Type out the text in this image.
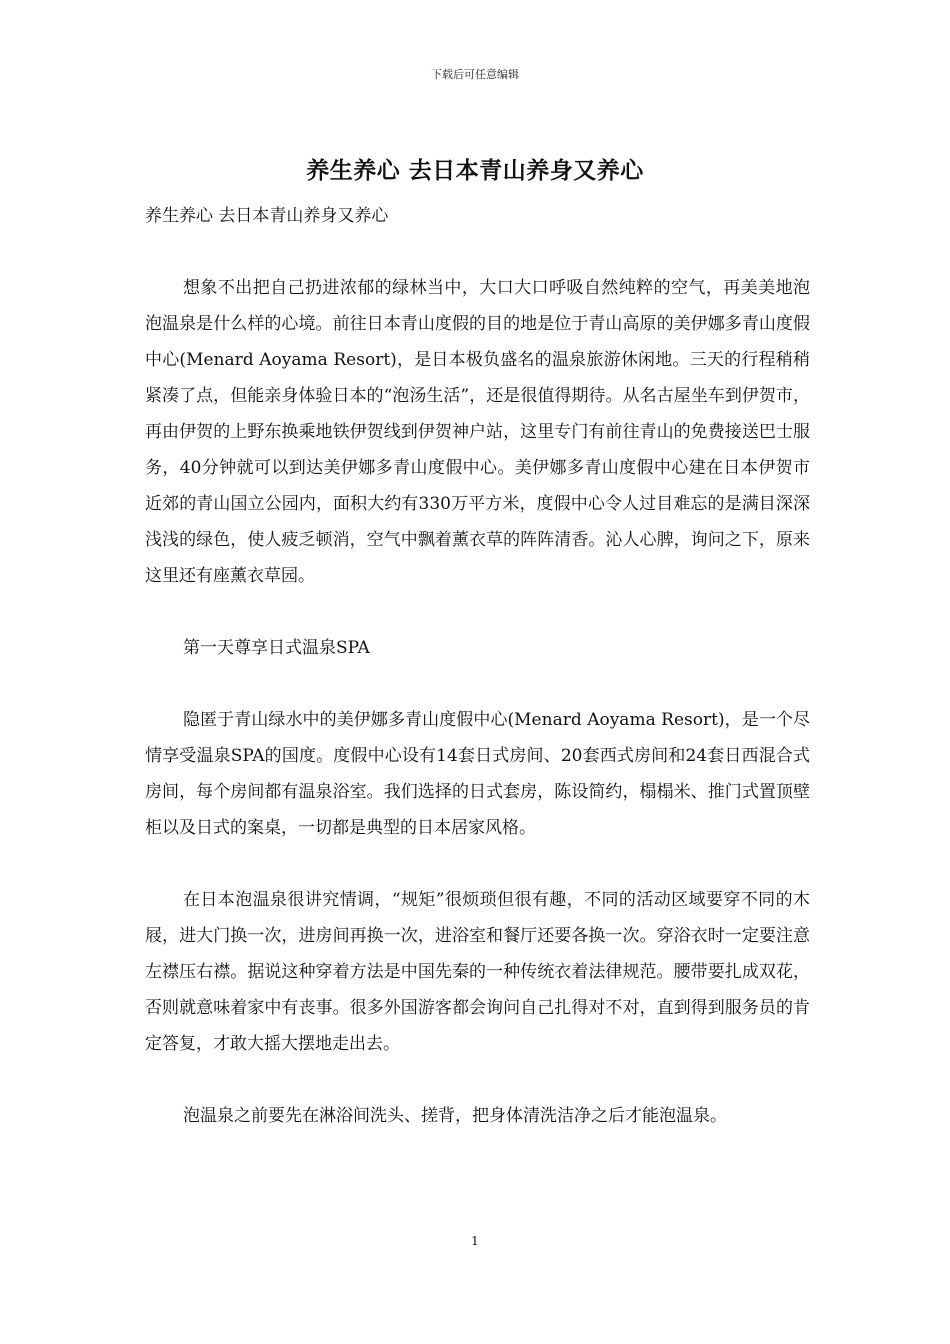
下载后可任意编辑
养生养心 去日本青山养身又养心

养生养心 去日本青山养身又养心

想象不出把自己扔进浓郁的绿林当中，大口大口呼吸自然纯粹的空气，再美美地泡泡温泉是什么样的心境。前往日本青山度假的目的地是位于青山高原的美伊娜多青山度假中心(Menard Aoyama Resort)，是日本极负盛名的温泉旅游休闲地。三天的行程稍稍紧凑了点，但能亲身体验日本的“泡汤生活”，还是很值得期待。从名古屋坐车到伊贺市，再由伊贺的上野东换乘地铁伊贺线到伊贺神户站，这里专门有前往青山的免费接送巴士服务，40分钟就可以到达美伊娜多青山度假中心。美伊娜多青山度假中心建在日本伊贺市近郊的青山国立公园内，面积大约有330万平方米，度假中心令人过目难忘的是满目深深浅浅的绿色，使人疲乏顿消，空气中飘着薰衣草的阵阵清香。沁人心脾，询问之下，原来这里还有座薰衣草园。

第一天尊享日式温泉SPA

隐匿于青山绿水中的美伊娜多青山度假中心(Menard Aoyama Resort)，是一个尽情享受温泉SPA的国度。度假中心设有14套日式房间、20套西式房间和24套日西混合式房间，每个房间都有温泉浴室。我们选择的日式套房，陈设简约，榻榻米、推门式置顶壁柜以及日式的案桌，一切都是典型的日本居家风格。

在日本泡温泉很讲究情调，“规矩”很烦琐但很有趣，不同的活动区域要穿不同的木屐，进大门换一次，进房间再换一次，进浴室和餐厅还要各换一次。穿浴衣时一定要注意左襟压右襟。据说这种穿着方法是中国先秦的一种传统衣着法律规范。腰带要扎成双花，否则就意味着家中有丧事。很多外国游客都会询问自己扎得对不对，直到得到服务员的肯定答复，才敢大摇大摆地走出去。

泡温泉之前要先在淋浴间洗头、搓背，把身体清洗洁净之后才能泡温泉。

1
